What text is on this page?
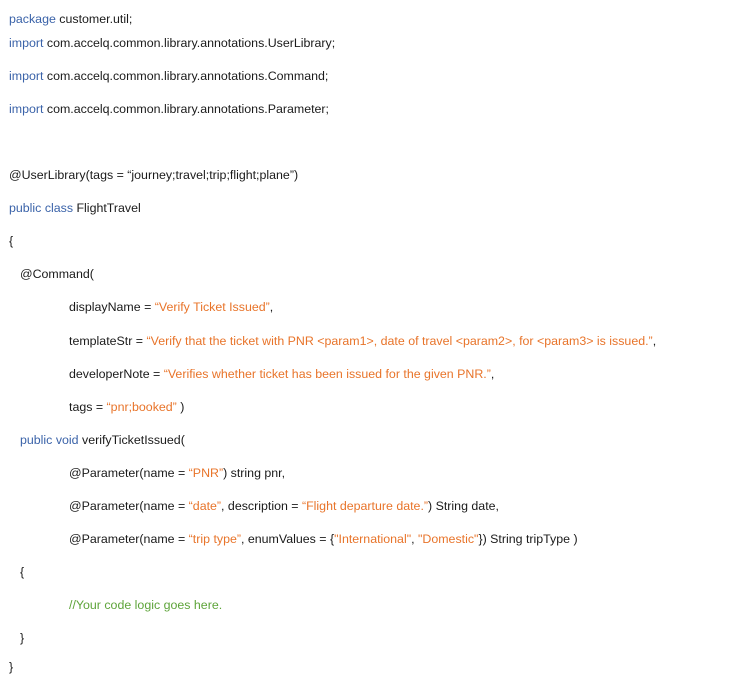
package customer.util;
import com.accelq.common.library.annotations.UserLibrary;
import com.accelq.common.library.annotations.Command;
import com.accelq.common.library.annotations.Parameter;
@UserLibrary(tags = “journey;travel;trip;flight;plane”)
public class FlightTravel
{
@Command(
displayName = “Verify Ticket Issued”,
templateStr = “Verify that the ticket with PNR <param1>, date of travel <param2>, for <param3> is issued.”,
developerNote = “Verifies whether ticket has been issued for the given PNR.”,
tags = “pnr;booked” )
public void verifyTicketIssued(
@Parameter(name = “PNR”) string pnr,
@Parameter(name = “date”, description = “Flight departure date.”) String date,
@Parameter(name = “trip type”, enumValues = {"International", "Domestic"}) String tripType )
{
//Your code logic goes here.
}
}
